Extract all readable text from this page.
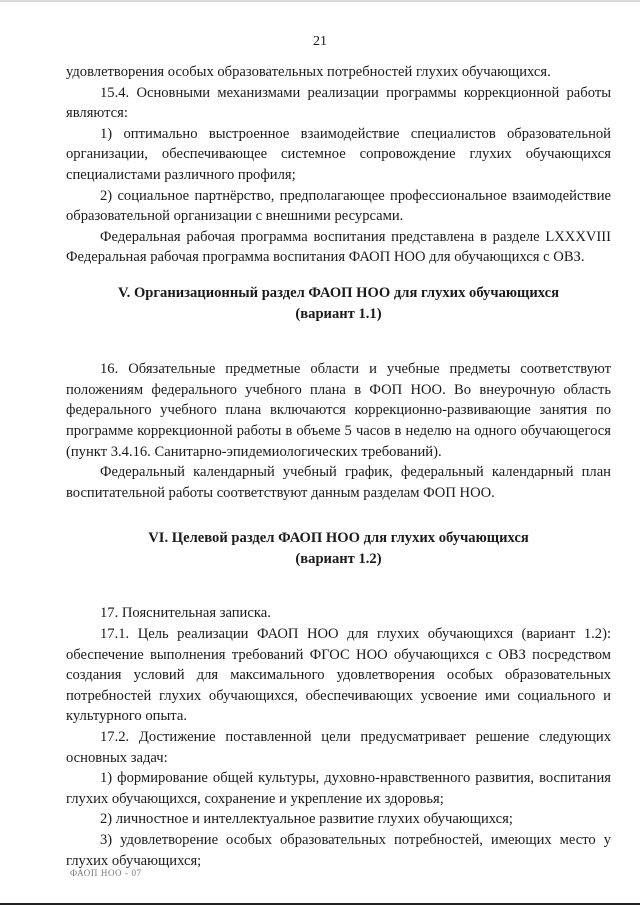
21

удовлетворения особых образовательных потребностей глухих обучающихся.

15.4. Основными механизмами реализации программы коррекционной работы являются:

1) оптимально выстроенное взаимодействие специалистов образовательной организации, обеспечивающее системное сопровождение глухих обучающихся специалистами различного профиля;

2) социальное партнёрство, предполагающее профессиональное взаимодействие образовательной организации с внешними ресурсами.

Федеральная рабочая программа воспитания представлена в разделе LXXXVIII Федеральная рабочая программа воспитания ФАОП НОО для обучающихся с ОВЗ.

V. Организационный раздел ФАОП НОО для глухих обучающихся

(вариант 1.1)

16. Обязательные предметные области и учебные предметы соответствуют положениям федерального учебного плана в ФОП НОО. Во внеурочную область федерального учебного плана включаются коррекционно-развивающие занятия по программе коррекционной работы в объеме 5 часов в неделю на одного обучающегося (пункт 3.4.16. Санитарно-эпидемиологических требований).

Федеральный календарный учебный график, федеральный календарный план воспитательной работы соответствуют данным разделам ФОП НОО.

VI. Целевой раздел ФАОП НОО для глухих обучающихся

(вариант 1.2)

17. Пояснительная записка.

17.1. Цель реализации ФАОП НОО для глухих обучающихся (вариант 1.2): обеспечение выполнения требований ФГОС НОО обучающихся с ОВЗ посредством создания условий для максимального удовлетворения особых образовательных потребностей глухих обучающихся, обеспечивающих усвоение ими социального и культурного опыта.

17.2. Достижение поставленной цели предусматривает решение следующих основных задач:

1) формирование общей культуры, духовно-нравственного развития, воспитания глухих обучающихся, сохранение и укрепление их здоровья;

2) личностное и интеллектуальное развитие глухих обучающихся;

3) удовлетворение особых образовательных потребностей, имеющих место у глухих обучающихся;

ФАОП НОО - 07
